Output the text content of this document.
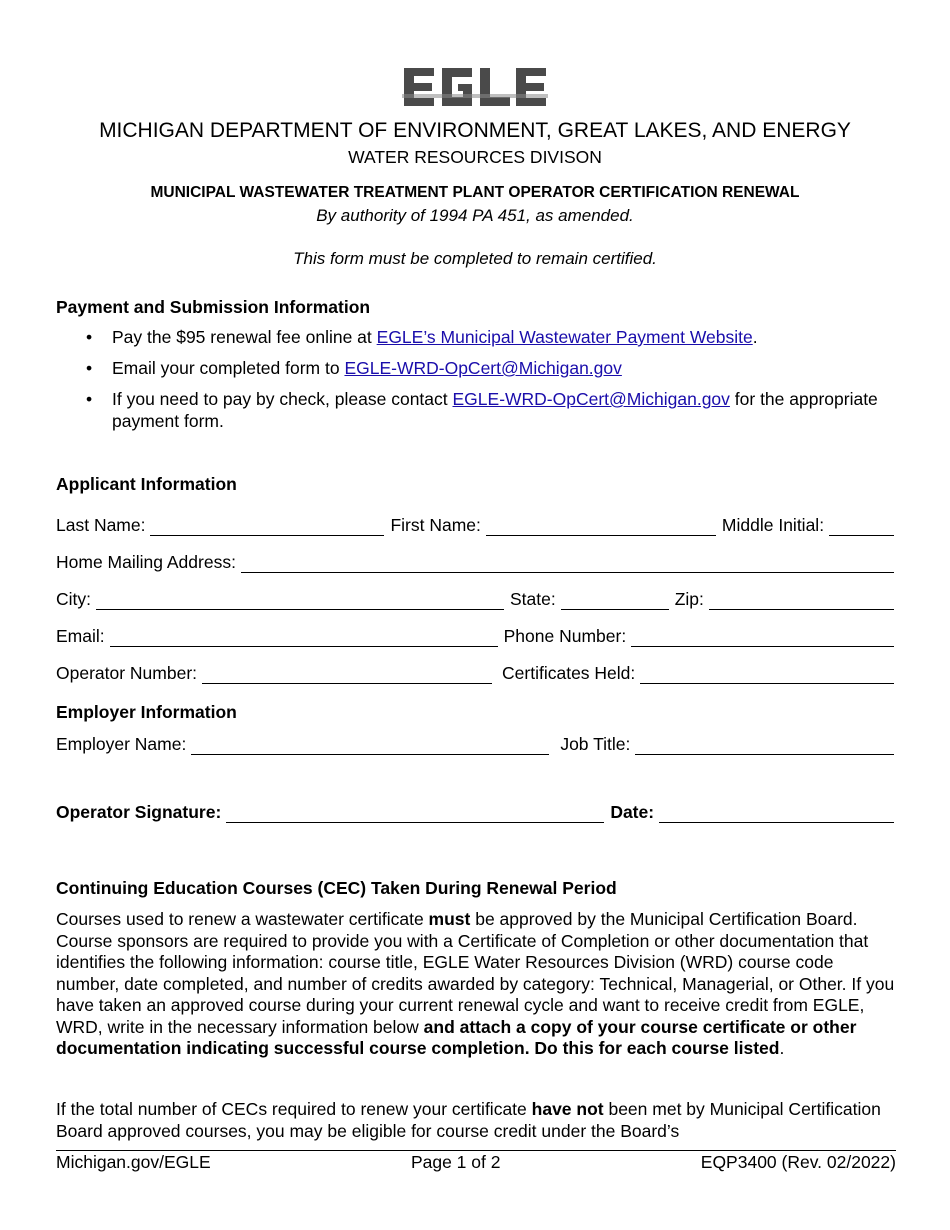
MICHIGAN DEPARTMENT OF ENVIRONMENT, GREAT LAKES, AND ENERGY
WATER RESOURCES DIVISON
MUNICIPAL WASTEWATER TREATMENT PLANT OPERATOR CERTIFICATION RENEWAL
By authority of 1994 PA 451, as amended.
This form must be completed to remain certified.
Payment and Submission Information
• Pay the $95 renewal fee online at EGLE’s Municipal Wastewater Payment Website.
• Email your completed form to EGLE-WRD-OpCert@Michigan.gov
• If you need to pay by check, please contact EGLE-WRD-OpCert@Michigan.gov for the appropriate payment form.
Applicant Information
Last Name:	First Name:	Middle Initial:
Home Mailing Address:
City:	State:	Zip:
Email:	Phone Number:
Operator Number:	Certificates Held:
Employer Information
Employer Name:	Job Title:
Operator Signature:	Date:
Continuing Education Courses (CEC) Taken During Renewal Period
Courses used to renew a wastewater certificate must be approved by the Municipal Certification Board. Course sponsors are required to provide you with a Certificate of Completion or other documentation that identifies the following information: course title, EGLE Water Resources Division (WRD) course code number, date completed, and number of credits awarded by category: Technical, Managerial, or Other. If you have taken an approved course during your current renewal cycle and want to receive credit from EGLE, WRD, write in the necessary information below and attach a copy of your course certificate or other documentation indicating successful course completion. Do this for each course listed.
If the total number of CECs required to renew your certificate have not been met by Municipal Certification Board approved courses, you may be eligible for course credit under the Board’s
Michigan.gov/EGLE	Page 1 of 2	EQP3400 (Rev. 02/2022)
